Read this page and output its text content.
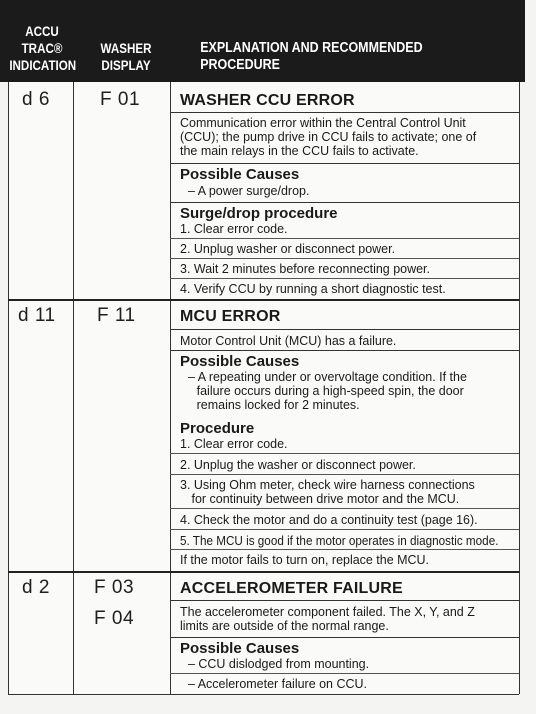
ACCU
TRAC®
INDICATION
WASHER
DISPLAY
EXPLANATION AND RECOMMENDED PROCEDURE
d 6	F 01 WASHER CCU ERROR
Communication error within the Central Control Unit
(CCU); the pump drive in CCU fails to activate; one of
the main relays in the CCU fails to activate.
Possible Causes
– A power surge/drop.
Surge/drop procedure
1. Clear error code.
2. Unplug washer or disconnect power.
3. Wait 2 minutes before reconnecting power.
4. Verify CCU by running a short diagnostic test.
d 11 F 11	MCU ERROR
Motor Control Unit (MCU) has a failure.
Possible Causes
– A repeating under or overvoltage condition. If the
failure occurs during a high-speed spin, the door
remains locked for 2 minutes.
Procedure
1. Clear error code.
2. Unplug the washer or disconnect power.
3. Using Ohm meter, check wire harness connections
for continuity between drive motor and the MCU.
4. Check the motor and do a continuity test (page 16).
5. The MCU is good if the motor operates in diagnostic mode.
If the motor fails to turn on, replace the MCU.
d 2 F 03
F 04
ACCELEROMETER FAILURE
The accelerometer component failed. The X, Y, and Z
limits are outside of the normal range.
Possible Causes
– CCU dislodged from mounting.
– Accelerometer failure on CCU.
